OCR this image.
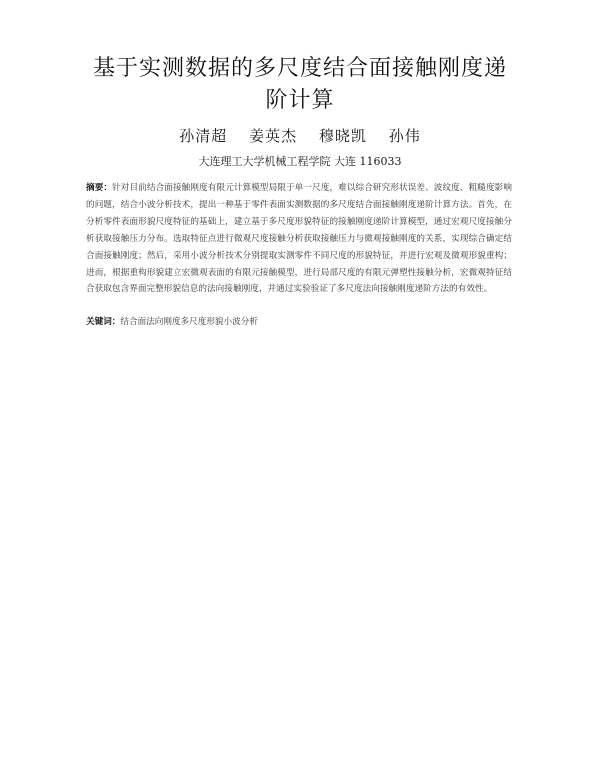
基于实测数据的多尺度结合面接触刚度递
阶计算
孙清超 姜英杰 穆晓凯 孙伟
大连理工大学机械工程学院 大连 116033
摘要：针对目前结合面接触刚度有限元计算模型局限于单一尺度，难以综合研究形状误差、波纹度、粗糙度影响的问题，结合小波分析技术，提出一种基于零件表面实测数据的多尺度结合面接触刚度递阶计算方法。首先，在分析零件表面形貌尺度特征的基础上，建立基于多尺度形貌特征的接触刚度递阶计算模型，通过宏观尺度接触分析获取接触压力分布。选取特征点进行微观尺度接触分析获取接触压力与微观接触刚度的关系，实现综合确定结合面接触刚度；然后，采用小波分析技术分别提取实测零件不同尺度的形貌特征，并进行宏观及微观形貌重构；进而，根据重构形貌建立宏微观表面的有限元接触模型，进行局部尺度的有限元弹塑性接触分析，宏微观特征结合获取包含界面完整形貌信息的法向接触刚度，并通过实验验证了多尺度法向接触刚度递阶方法的有效性。
关键词：结合面法向刚度多尺度形貌小波分析
